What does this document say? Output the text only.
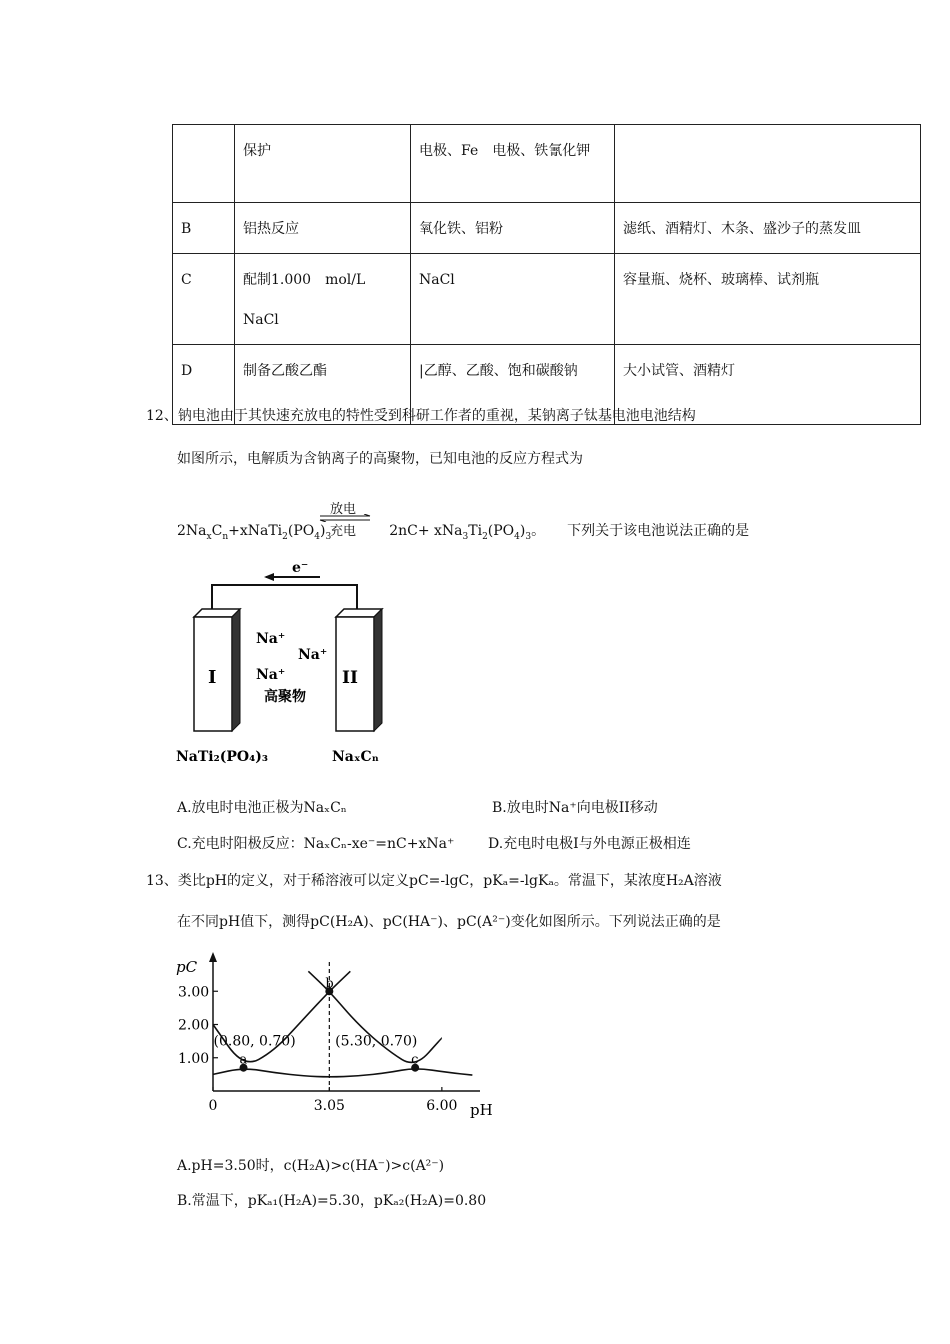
	保护	电极、Fe　电极、铁氰化钾	
B	铝热反应	氧化铁、铝粉	滤纸、酒精灯、木条、盛沙子的蒸发皿
C	配制1.000　mol/L NaCl	NaCl	容量瓶、烧杯、玻璃棒、试剂瓶
D	制备乙酸乙酯	|乙醇、乙酸、饱和碳酸钠	大小试管、酒精灯
12、钠电池由于其快速充放电的特性受到科研工作者的重视，某钠离子钛基电池电池结构
如图所示，电解质为含钠离子的高聚物，已知电池的反应方程式为
$2Na_xC_n+xNaTi_2(PO_4)_3$	$2nC+ xNa_3Ti_2(PO_4)_3$。 下列关于该电池说法正确的是
放电
充电
e⁻
I	II
Na⁺
Na⁺
Na⁺
高聚物
NaTi₂(PO₄)₃	NaₓCₙ
A.放电时电池正极为NaₓCₙ	B.放电时Na⁺向电极II移动
C.充电时阳极反应：NaₓCₙ-xe⁻=nC+xNa⁺ D.充电时电极I与外电源正极相连
13、类比pH的定义，对于稀溶液可以定义pC=-lgC，pKₐ=-lgKₐ。常温下，某浓度H₂A溶液
在不同pH值下，测得pC(H₂A)、pC(HA⁻)、pC(A²⁻)变化如图所示。下列说法正确的是
pC
pH
1.00
2.00
3.00
0	3.05	6.00
a
(0.80, 0.70)
b
c
(5.30, 0.70)
A.pH=3.50时，c(H₂A)>c(HA⁻)>c(A²⁻)
B.常温下，pKₐ₁(H₂A)=5.30，pKₐ₂(H₂A)=0.80
